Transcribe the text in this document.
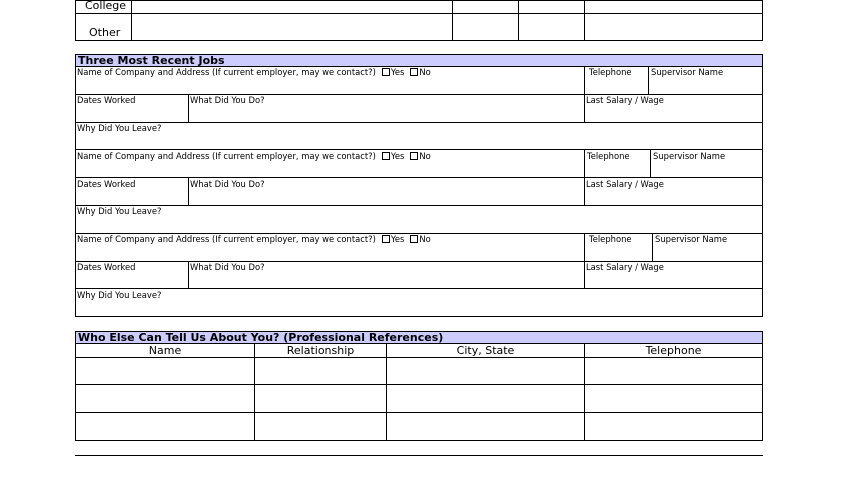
College
Other
Three Most Recent Jobs
Name of Company and Address (If current employer, may we contact?) Yes No	Telephone Supervisor Name
Dates Worked	What Did You Do?	Last Salary / Wage
Why Did You Leave?
Name of Company and Address (If current employer, may we contact?) Yes No	Telephone	Supervisor Name
Dates Worked	What Did You Do?	Last Salary / Wage
Why Did You Leave?
Name of Company and Address (If current employer, may we contact?) Yes No	Telephone	Supervisor Name
Dates Worked	What Did You Do?	Last Salary / Wage
Why Did You Leave?
Who Else Can Tell Us About You? (Professional References)
Name	Relationship	City, State	Telephone
